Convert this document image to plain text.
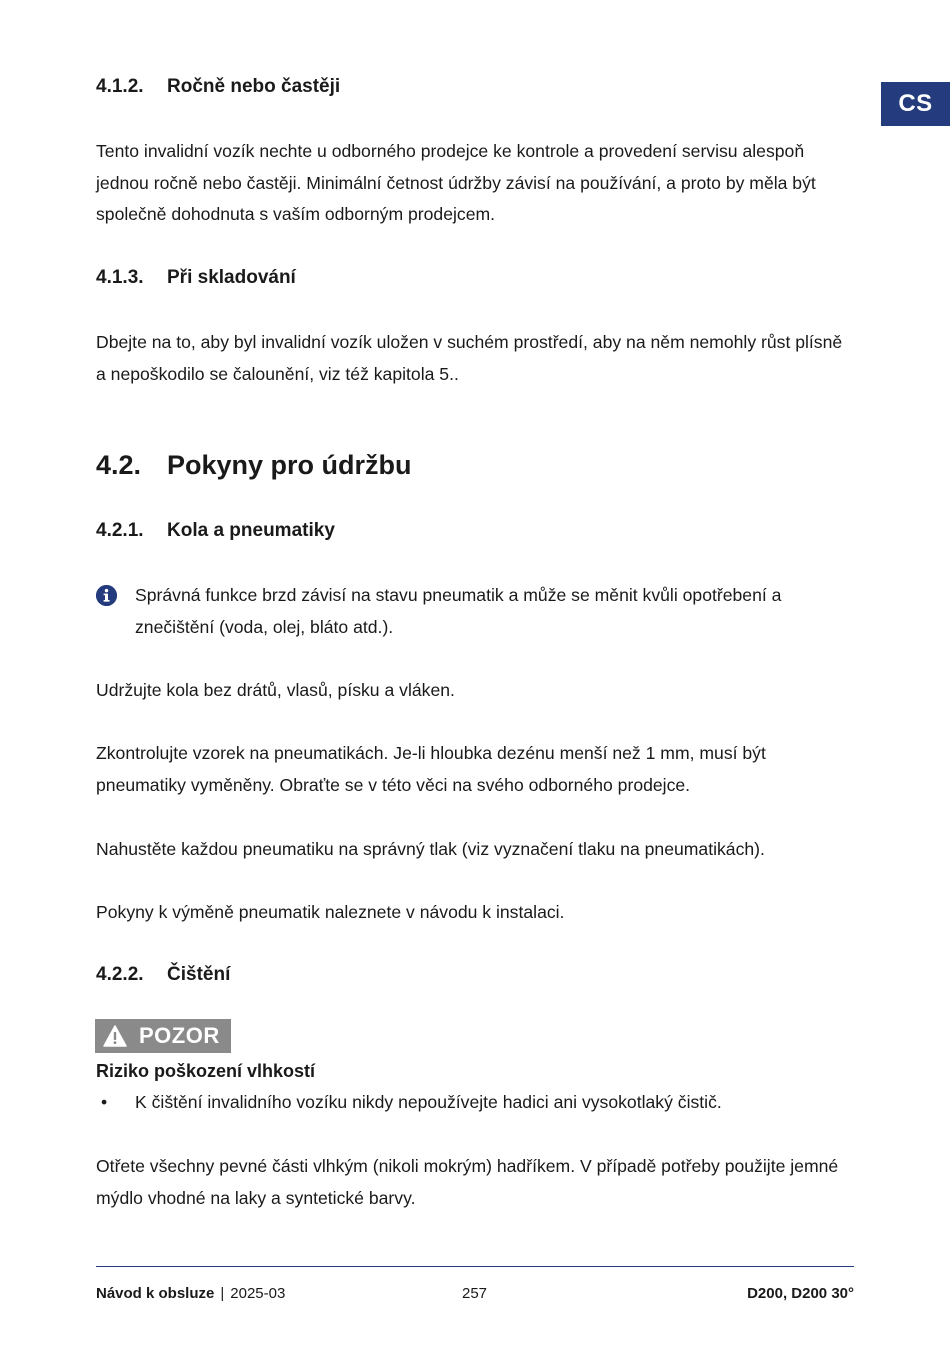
CS
4.1.2.	Ročně nebo častěji
Tento invalidní vozík nechte u odborného prodejce ke kontrole a provedení servisu alespoň jednou ročně nebo častěji. Minimální četnost údržby závisí na používání, a proto by měla být společně dohodnuta s vaším odborným prodejcem.
4.1.3.	Při skladování
Dbejte na to, aby byl invalidní vozík uložen v suchém prostředí, aby na něm nemohly růst plísně a nepoškodilo se čalounění, viz též kapitola 5..
4.2. Pokyny pro údržbu
4.2.1.	Kola a pneumatiky
Správná funkce brzd závisí na stavu pneumatik a může se měnit kvůli opotřebení a znečištění (voda, olej, bláto atd.).
Udržujte kola bez drátů, vlasů, písku a vláken.
Zkontrolujte vzorek na pneumatikách. Je-li hloubka dezénu menší než 1 mm, musí být pneumatiky vyměněny. Obraťte se v této věci na svého odborného prodejce.
Nahustěte každou pneumatiku na správný tlak (viz vyznačení tlaku na pneumatikách).
Pokyny k výměně pneumatik naleznete v návodu k instalaci.
4.2.2.	Čištění
POZOR
Riziko poškození vlhkostí
•	K čištění invalidního vozíku nikdy nepoužívejte hadici ani vysokotlaký čistič.
Otřete všechny pevné části vlhkým (nikoli mokrým) hadříkem. V případě potřeby použijte jemné mýdlo vhodné na laky a syntetické barvy.
Návod k obsluze | 2025-03	257	D200, D200 30°
